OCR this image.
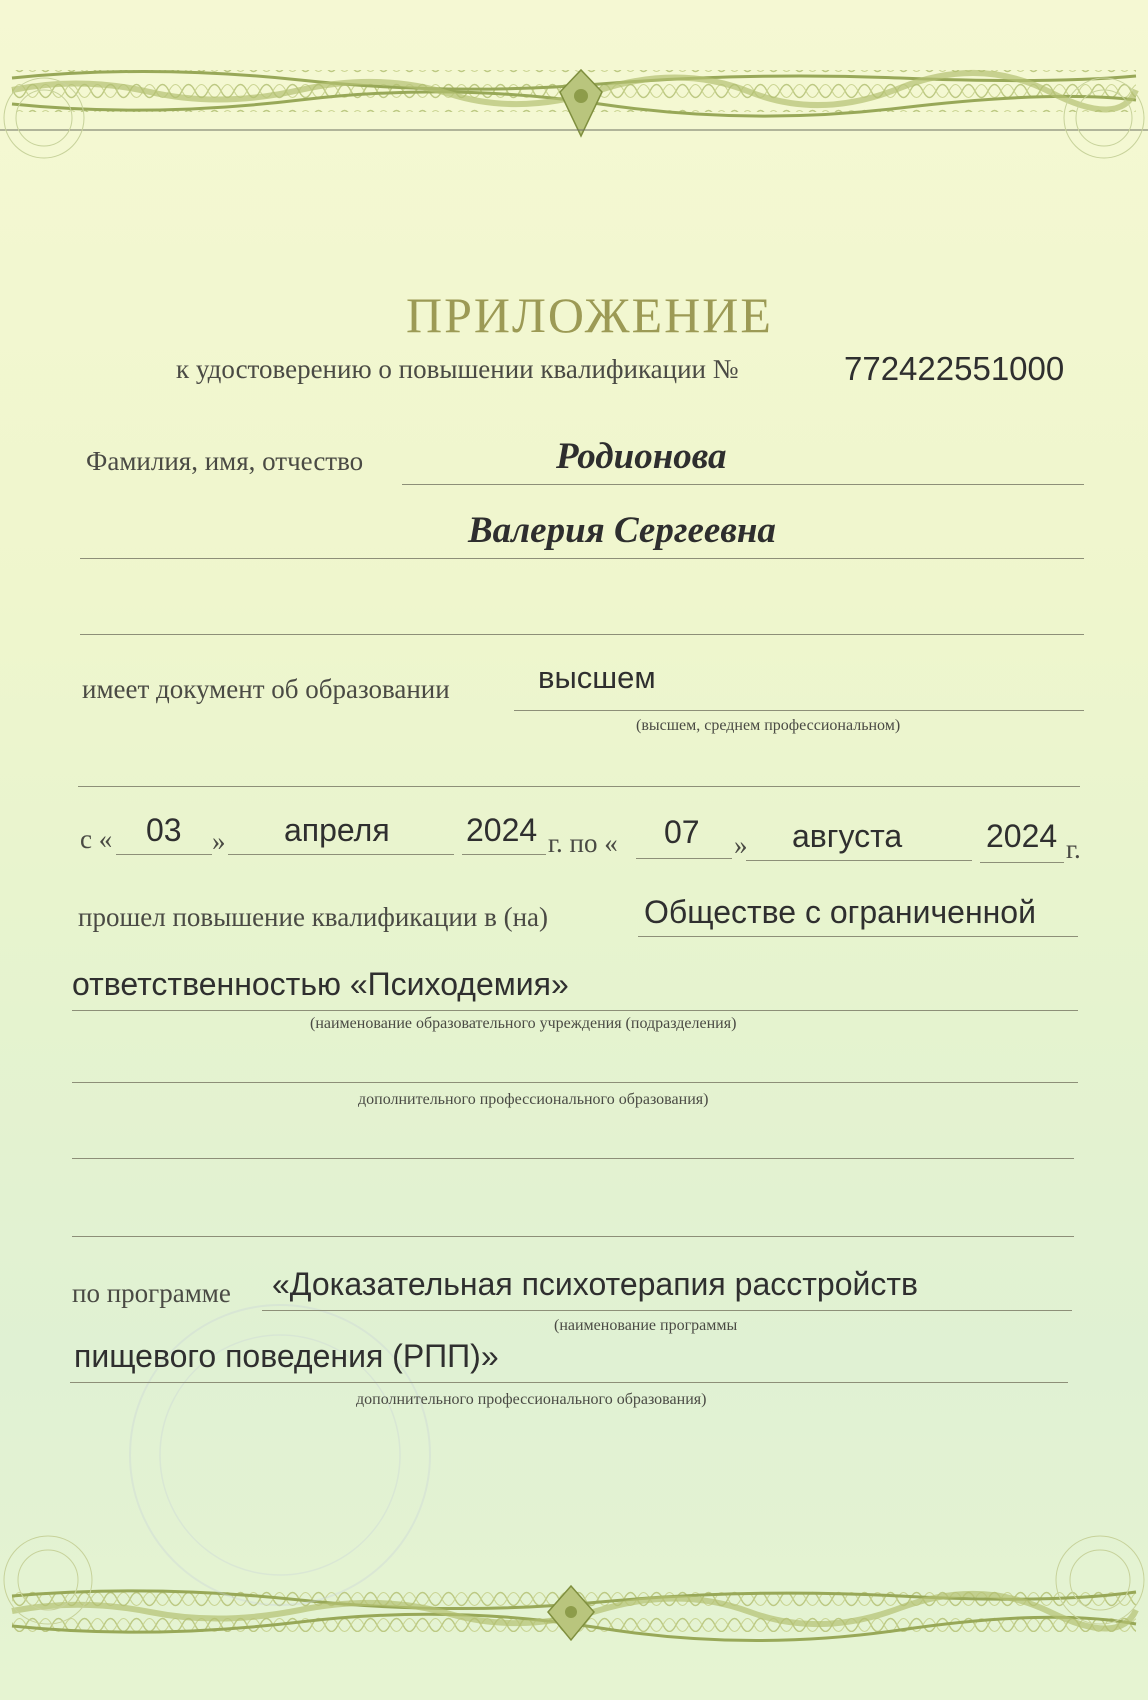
ПРИЛОЖЕНИЕ
к удостоверению о повышении квалификации №	772422551000
Фамилия, имя, отчество	Родионова
Валерия Сергеевна
имеет документ об образовании	высшем
(высшем, среднем профессиональном)
с « 03 » апреля 2024 г. по « 07 » августа	2024 г.
прошел повышение квалификации в (на)	Обществе с ограниченной
ответственностью «Психодемия»
(наименование образовательного учреждения (подразделения)
дополнительного профессионального образования)
по программе «Доказательная психотерапия расстройств
(наименование программы
пищевого поведения (РПП)»
дополнительного профессионального образования)
